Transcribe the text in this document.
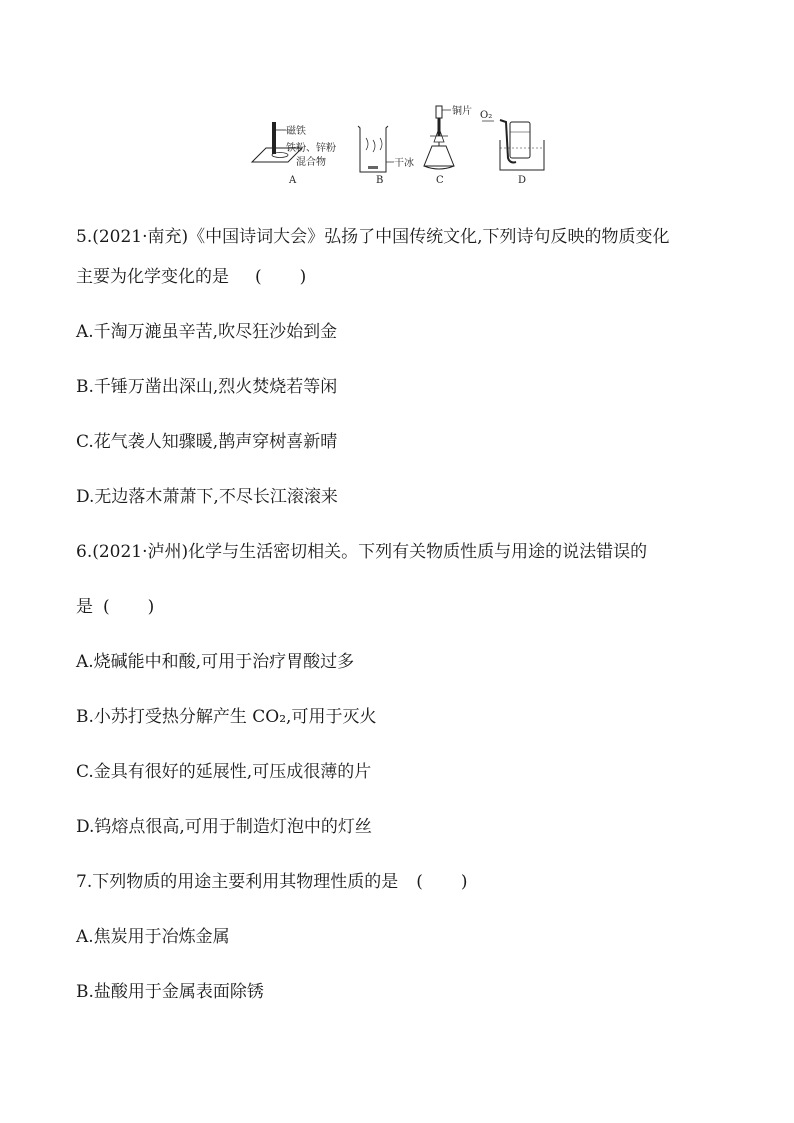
磁铁
铁粉、锌粉
混合物
A
干冰
B
铜片
C
O₂
D
5.(2021·南充)《中国诗词大会》弘扬了中国传统文化,下列诗句反映的物质变化
主要为化学变化的是 ( )
A.千淘万漉虽辛苦,吹尽狂沙始到金
B.千锤万凿出深山,烈火焚烧若等闲
C.花气袭人知骤暖,鹊声穿树喜新晴
D.无边落木萧萧下,不尽长江滚滚来
6.(2021·泸州)化学与生活密切相关。下列有关物质性质与用途的说法错误的
是 ( )
A.烧碱能中和酸,可用于治疗胃酸过多
B.小苏打受热分解产生 CO₂,可用于灭火
C.金具有很好的延展性,可压成很薄的片
D.钨熔点很高,可用于制造灯泡中的灯丝
7.下列物质的用途主要利用其物理性质的是 ( )
A.焦炭用于冶炼金属
B.盐酸用于金属表面除锈
